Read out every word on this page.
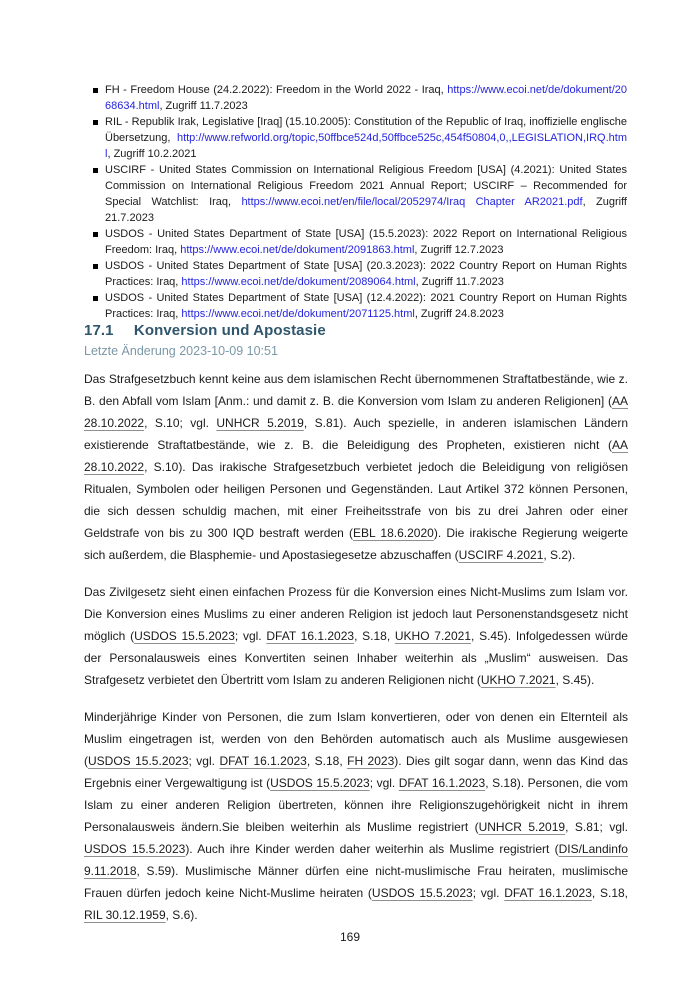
FH - Freedom House (24.2.2022): Freedom in the World 2022 - Iraq, https://www.ecoi.net/de/dokument/2068634.html, Zugriff 11.7.2023
RIL - Republik Irak, Legislative [Iraq] (15.10.2005): Constitution of the Republic of Iraq, inoffizielle englische Übersetzung, http://www.refworld.org/topic,50ffbce524d,50ffbce525c,454f50804,0,,LEGISLATION,IRQ.html, Zugriff 10.2.2021
USCIRF - United States Commission on International Religious Freedom [USA] (4.2021): United States Commission on International Religious Freedom 2021 Annual Report; USCIRF – Recommended for Special Watchlist: Iraq, https://www.ecoi.net/en/file/local/2052974/Iraq Chapter AR2021.pdf, Zugriff 21.7.2023
USDOS - United States Department of State [USA] (15.5.2023): 2022 Report on International Religious Freedom: Iraq, https://www.ecoi.net/de/dokument/2091863.html, Zugriff 12.7.2023
USDOS - United States Department of State [USA] (20.3.2023): 2022 Country Report on Human Rights Practices: Iraq, https://www.ecoi.net/de/dokument/2089064.html, Zugriff 11.7.2023
USDOS - United States Department of State [USA] (12.4.2022): 2021 Country Report on Human Rights Practices: Iraq, https://www.ecoi.net/de/dokument/2071125.html, Zugriff 24.8.2023
17.1 Konversion und Apostasie
Letzte Änderung 2023-10-09 10:51

Das Strafgesetzbuch kennt keine aus dem islamischen Recht übernommenen Straftatbestände, wie z. B. den Abfall vom Islam [Anm.: und damit z. B. die Konversion vom Islam zu anderen Religionen] (AA 28.10.2022, S.10; vgl. UNHCR 5.2019, S.81). Auch spezielle, in anderen islamischen Ländern existierende Straftatbestände, wie z. B. die Beleidigung des Propheten, existieren nicht (AA 28.10.2022, S.10). Das irakische Strafgesetzbuch verbietet jedoch die Beleidigung von religiösen Ritualen, Symbolen oder heiligen Personen und Gegenständen. Laut Artikel 372 können Personen, die sich dessen schuldig machen, mit einer Freiheitsstrafe von bis zu drei Jahren oder einer Geldstrafe von bis zu 300 IQD bestraft werden (EBL 18.6.2020). Die irakische Regierung weigerte sich außerdem, die Blasphemie- und Apostasiegesetze abzuschaffen (USCIRF 4.2021, S.2).

Das Zivilgesetz sieht einen einfachen Prozess für die Konversion eines Nicht-Muslims zum Islam vor. Die Konversion eines Muslims zu einer anderen Religion ist jedoch laut Personenstandsgesetz nicht möglich (USDOS 15.5.2023; vgl. DFAT 16.1.2023, S.18, UKHO 7.2021, S.45). Infolgedessen würde der Personalausweis eines Konvertiten seinen Inhaber weiterhin als „Muslim“ ausweisen. Das Strafgesetz verbietet den Übertritt vom Islam zu anderen Religionen nicht (UKHO 7.2021, S.45).

Minderjährige Kinder von Personen, die zum Islam konvertieren, oder von denen ein Elternteil als Muslim eingetragen ist, werden von den Behörden automatisch auch als Muslime ausgewiesen (USDOS 15.5.2023; vgl. DFAT 16.1.2023, S.18, FH 2023). Dies gilt sogar dann, wenn das Kind das Ergebnis einer Vergewaltigung ist (USDOS 15.5.2023; vgl. DFAT 16.1.2023, S.18). Personen, die vom Islam zu einer anderen Religion übertreten, können ihre Religionszugehörigkeit nicht in ihrem Personalausweis ändern.Sie bleiben weiterhin als Muslime registriert (UNHCR 5.2019, S.81; vgl. USDOS 15.5.2023). Auch ihre Kinder werden daher weiterhin als Muslime registriert (DIS/Landinfo 9.11.2018, S.59). Muslimische Männer dürfen eine nicht-muslimische Frau heiraten, muslimische Frauen dürfen jedoch keine Nicht-Muslime heiraten (USDOS 15.5.2023; vgl. DFAT 16.1.2023, S.18, RIL 30.12.1959, S.6).

169
